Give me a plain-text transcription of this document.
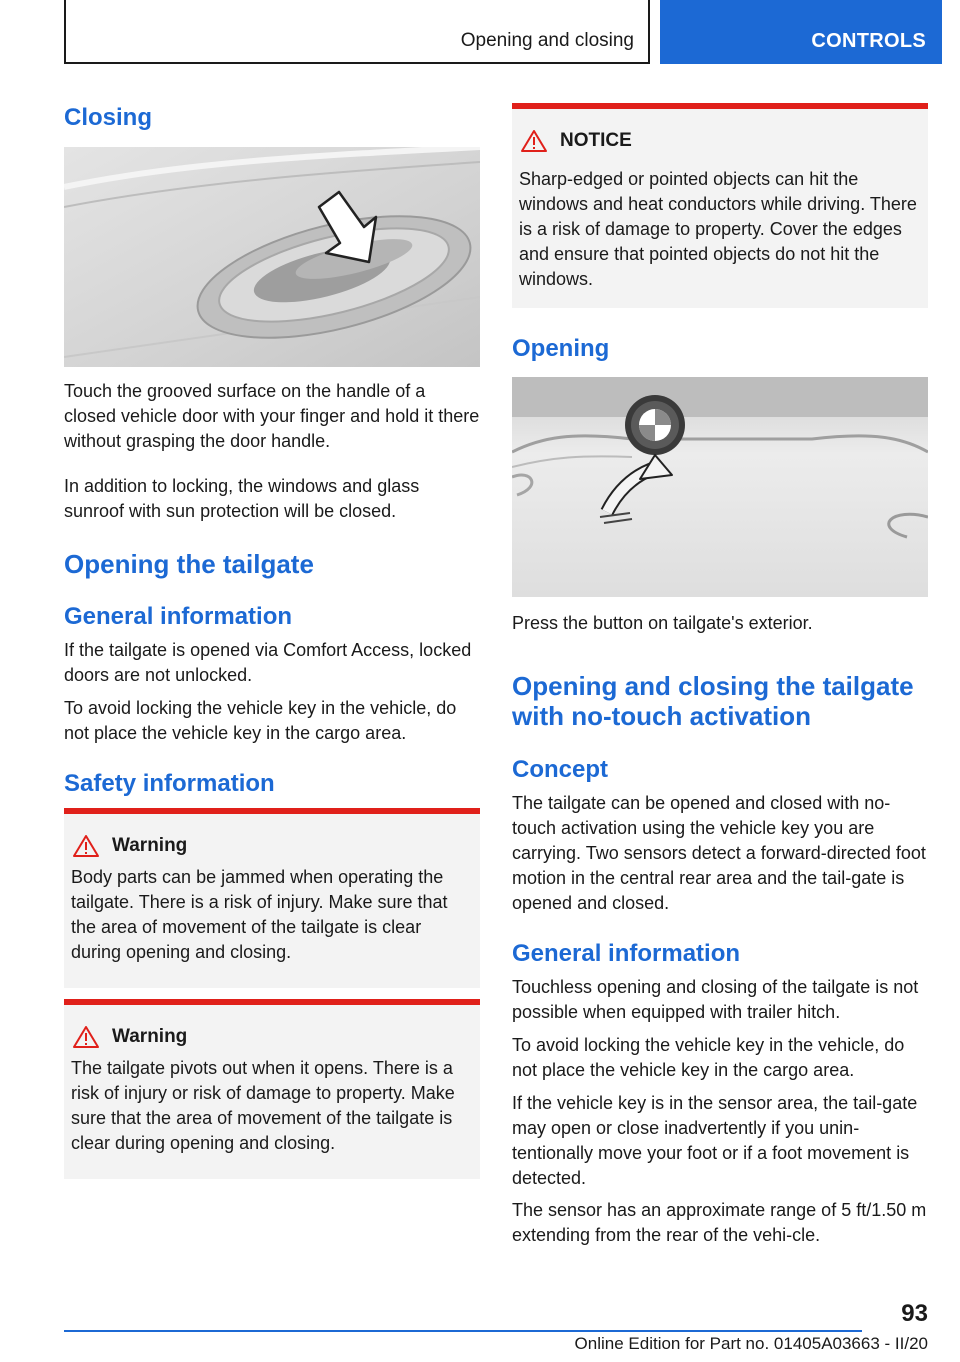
Opening and closing	CONTROLS
Closing
Touch the grooved surface on the handle of a closed vehicle door with your finger and hold it there without grasping the door handle.
In addition to locking, the windows and glass sunroof with sun protection will be closed.
Opening the tailgate
General information
If the tailgate is opened via Comfort Access, locked doors are not unlocked.
To avoid locking the vehicle key in the vehicle, do not place the vehicle key in the cargo area.
Safety information
Warning
Body parts can be jammed when operating the tailgate. There is a risk of injury. Make sure that the area of movement of the tailgate is clear during opening and closing.
Warning
The tailgate pivots out when it opens. There is a risk of injury or risk of damage to property. Make sure that the area of movement of the tailgate is clear during opening and closing.
NOTICE
Sharp-edged or pointed objects can hit the windows and heat conductors while driving. There is a risk of damage to property. Cover the edges and ensure that pointed objects do not hit the windows.
Opening
Press the button on tailgate's exterior.
Opening and closing the tailgate with no-touch activation
Concept
The tailgate can be opened and closed with no-touch activation using the vehicle key you are carrying. Two sensors detect a forward-directed foot motion in the central rear area and the tail-gate is opened and closed.
General information
Touchless opening and closing of the tailgate is not possible when equipped with trailer hitch.
To avoid locking the vehicle key in the vehicle, do not place the vehicle key in the cargo area.
If the vehicle key is in the sensor area, the tail-gate may open or close inadvertently if you unin-tentionally move your foot or if a foot movement is detected.
The sensor has an approximate range of 5 ft/1.50 m extending from the rear of the vehi-cle.
93
Online Edition for Part no. 01405A03663 - II/20
